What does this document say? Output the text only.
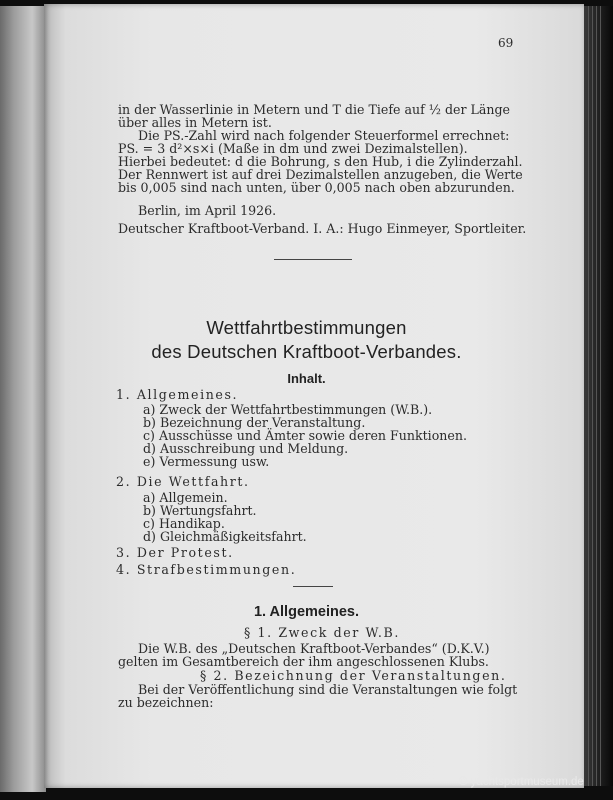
69
in der Wasserlinie in Metern und T die Tiefe auf ½ der Länge
über alles in Metern ist.
Die PS.-Zahl wird nach folgender Steuerformel errechnet:
PS. = 3 d²×s×i (Maße in dm und zwei Dezimalstellen).
Hierbei bedeutet: d die Bohrung, s den Hub, i die Zylinderzahl.
Der Rennwert ist auf drei Dezimalstellen anzugeben, die Werte
bis 0,005 sind nach unten, über 0,005 nach oben abzurunden.
Berlin, im April 1926.
Deutscher Kraftboot-Verband. I. A.: Hugo Einmeyer, Sportleiter.
Wettfahrtbestimmungen
des Deutschen Kraftboot-Verbandes.
Inhalt.
1. Allgemeines.
a) Zweck der Wettfahrtbestimmungen (W.B.).
b) Bezeichnung der Veranstaltung.
c) Ausschüsse und Ämter sowie deren Funktionen.
d) Ausschreibung und Meldung.
e) Vermessung usw.
2. Die Wettfahrt.
a) Allgemein.
b) Wertungsfahrt.
c) Handikap.
d) Gleichmäßigkeitsfahrt.
3. Der Protest.
4. Strafbestimmungen.
1. Allgemeines.
§ 1. Zweck der W.B.
Die W.B. des „Deutschen Kraftboot-Verbandes“ (D.K.V.)
gelten im Gesamtbereich der ihm angeschlossenen Klubs.
§ 2. Bezeichnung der Veranstaltungen.
Bei der Veröffentlichung sind die Veranstaltungen wie folgt
zu bezeichnen:
© yachtsportmuseum.de
